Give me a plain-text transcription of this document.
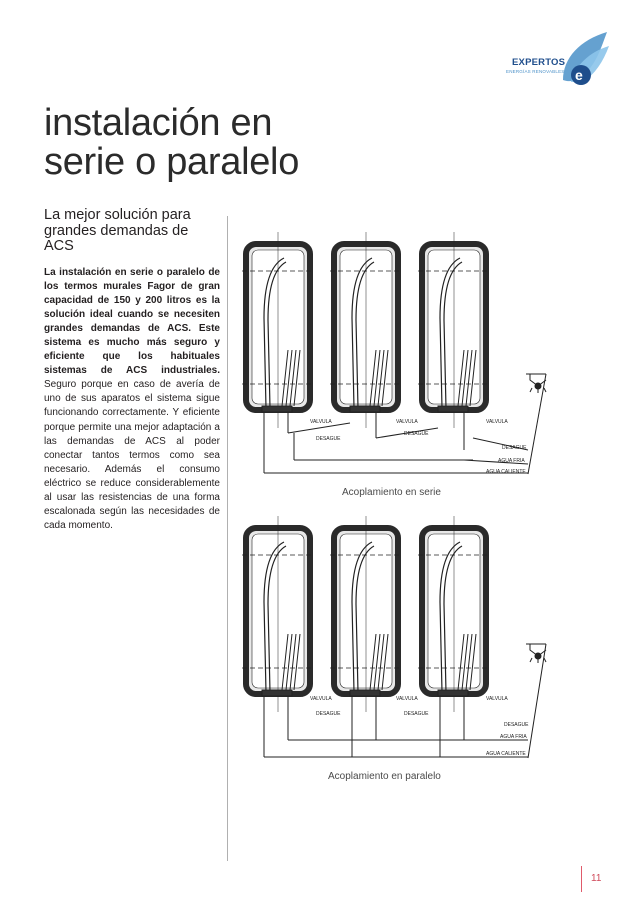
e
EXPERTOS
ENERGÍAS RENOVABLES
instalación en
serie o paralelo
La mejor solución para
grandes demandas de
ACS

La instalación en serie o paralelo de los termos murales Fagor de gran capacidad de 150 y 200 litros es la solución ideal cuando se necesiten grandes demandas de ACS. Este sistema es mucho más seguro y eficiente que los habituales sistemas de ACS industriales. Seguro porque en caso de avería de uno de sus aparatos el sistema sigue funcionando correctamente. Y eficiente porque permite una mejor adaptación a las demandas de ACS al poder conectar tantos termos como sea necesario. Además el consumo eléctrico se reduce considerablemente al usar las resistencias de una forma escalonada según las necesidades de cada momento.

VALVULA	VALVULA	VALVULA
DESAGUE
DESAGUE
DESAGUE
AGUA FRIA
AGUA CALIENTE
Acoplamiento en serie
VALVULA	VALVULA	VALVULA
DESAGUE	DESAGUE
DESAGUE
AGUA FRIA
AGUA CALIENTE
Acoplamiento en paralelo
11
